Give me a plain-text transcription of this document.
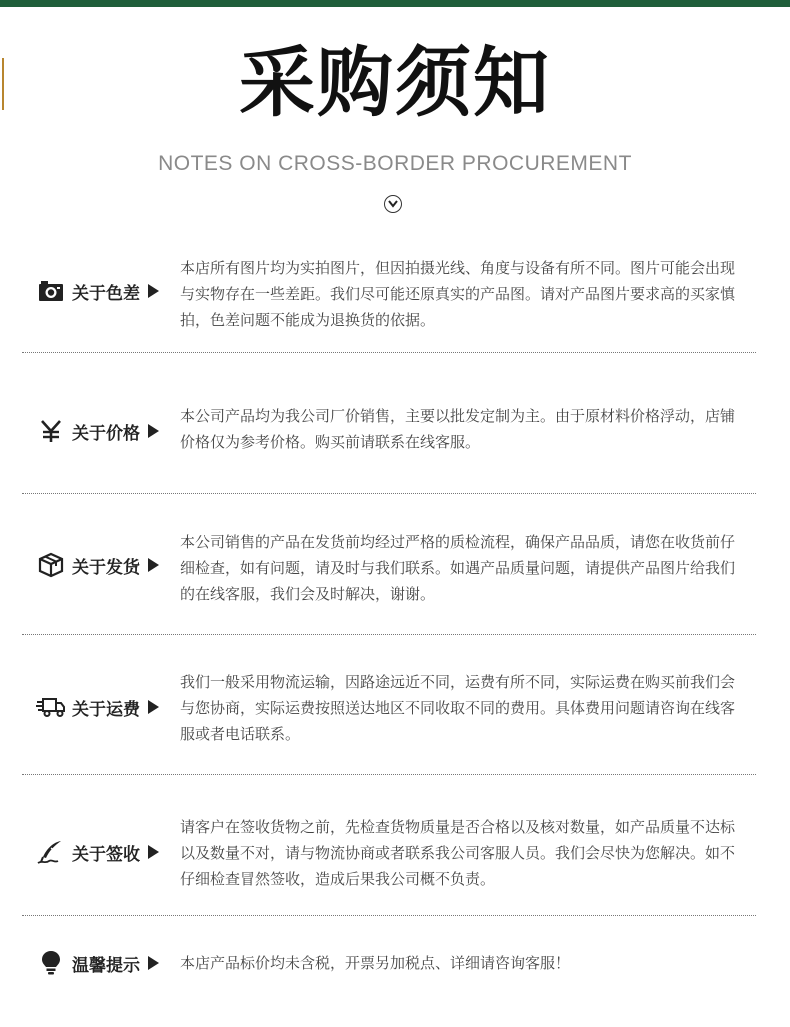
采购须知
NOTES ON CROSS-BORDER PROCUREMENT
关于色差
本店所有图片均为实拍图片，但因拍摄光线、角度与设备有所不同。图片可能会出现与实物存在一些差距。我们尽可能还原真实的产品图。请对产品图片要求高的买家慎拍，色差问题不能成为退换货的依据。
关于价格
本公司产品均为我公司厂价销售，主要以批发定制为主。由于原材料价格浮动，店铺价格仅为参考价格。购买前请联系在线客服。
关于发货
本公司销售的产品在发货前均经过严格的质检流程，确保产品品质，请您在收货前仔细检查，如有问题，请及时与我们联系。如遇产品质量问题，请提供产品图片给我们的在线客服，我们会及时解决，谢谢。
关于运费
我们一般采用物流运输，因路途远近不同，运费有所不同，实际运费在购买前我们会与您协商，实际运费按照送达地区不同收取不同的费用。具体费用问题请咨询在线客服或者电话联系。
关于签收
请客户在签收货物之前，先检查货物质量是否合格以及核对数量，如产品质量不达标以及数量不对，请与物流协商或者联系我公司客服人员。我们会尽快为您解决。如不仔细检查冒然签收，造成后果我公司概不负责。
温馨提示	本店产品标价均未含税，开票另加税点、详细请咨询客服！
